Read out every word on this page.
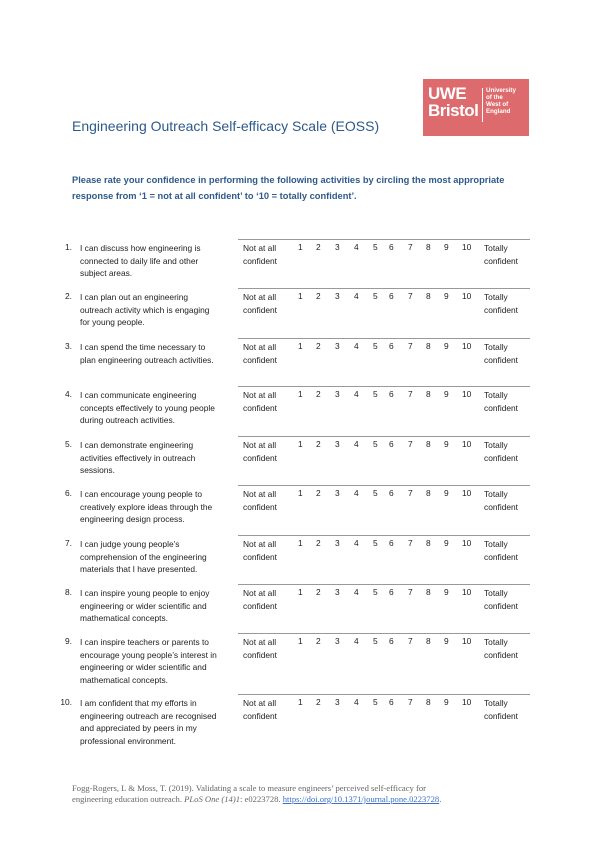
UWE
Bristol
University
of the
West of
England
Engineering Outreach Self-efficacy Scale (EOSS)
Please rate your confidence in performing the following activities by circling the most appropriate
response from ‘1 = not at all confident’ to ‘10 = totally confident’.
1. I can discuss how engineering is
connected to daily life and other
subject areas.
Not at all
confident
1 2 3 4 5 6 7 8 9 10 Totally
confident
2. I can plan out an engineering
outreach activity which is engaging
for young people.
Not at all
confident
1 2 3 4 5 6 7 8 9 10 Totally
confident
3. I can spend the time necessary to
plan engineering outreach activities.
Not at all
confident
1 2 3 4 5 6 7 8 9 10 Totally
confident
4. I can communicate engineering
concepts effectively to young people
during outreach activities.
Not at all
confident
1 2 3 4 5 6 7 8 9 10 Totally
confident
5. I can demonstrate engineering
activities effectively in outreach
sessions.
Not at all
confident
1 2 3 4 5 6 7 8 9 10 Totally
confident
6. I can encourage young people to
creatively explore ideas through the
engineering design process.
Not at all
confident
1 2 3 4 5 6 7 8 9 10 Totally
confident
7. I can judge young people’s
comprehension of the engineering
materials that I have presented.
Not at all
confident
1 2 3 4 5 6 7 8 9 10 Totally
confident
8. I can inspire young people to enjoy
engineering or wider scientific and
mathematical concepts.
Not at all
confident
1 2 3 4 5 6 7 8 9 10 Totally
confident
9. I can inspire teachers or parents to
encourage young people’s interest in
engineering or wider scientific and
mathematical concepts.
Not at all
confident
1 2 3 4 5 6 7 8 9 10 Totally
confident
10. I am confident that my efforts in
engineering outreach are recognised
and appreciated by peers in my
professional environment.
Not at all
confident
1 2 3 4 5 6 7 8 9 10 Totally
confident
Fogg-Rogers, L & Moss, T. (2019). Validating a scale to measure engineers’ perceived self-efficacy for
engineering education outreach. PLoS One (14)1: e0223728. https://doi.org/10.1371/journal.pone.0223728.
